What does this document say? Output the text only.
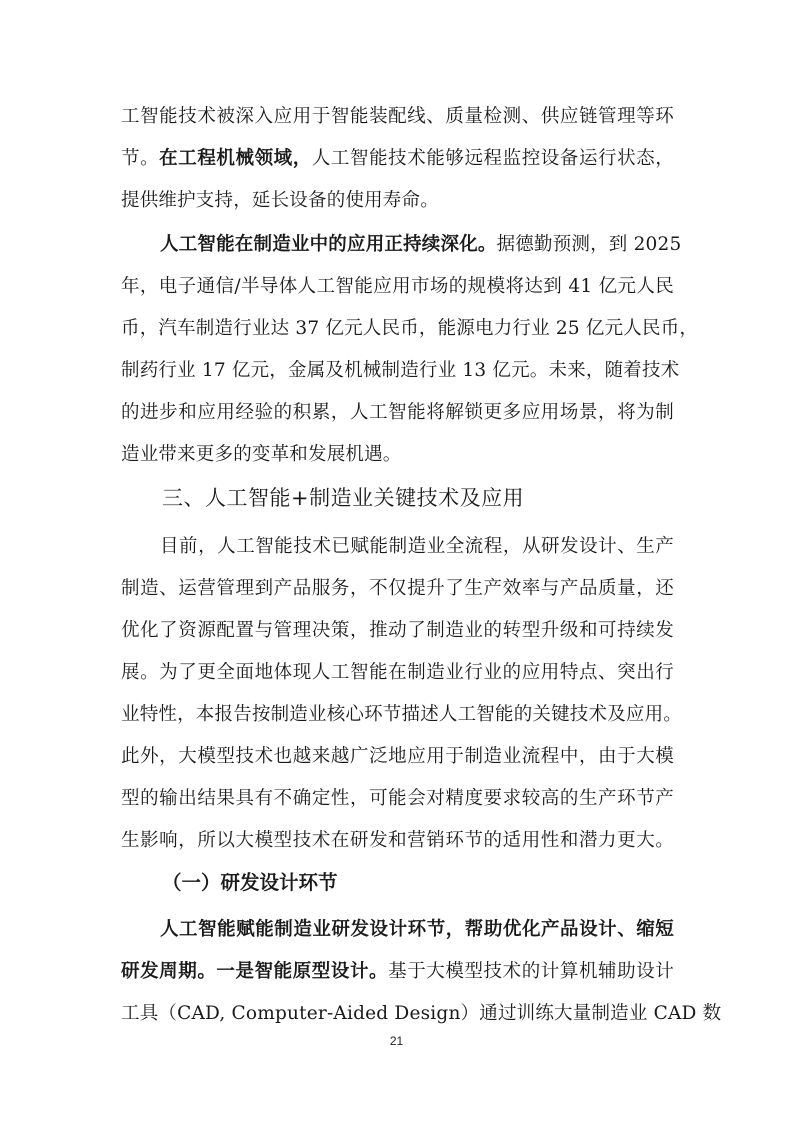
工智能技术被深入应用于智能装配线、质量检测、供应链管理等环

节。在工程机械领域，人工智能技术能够远程监控设备运行状态，

提供维护支持，延长设备的使用寿命。

人工智能在制造业中的应用正持续深化。据德勤预测，到 2025

年，电子通信/半导体人工智能应用市场的规模将达到 41 亿元人民

币，汽车制造行业达 37 亿元人民币，能源电力行业 25 亿元人民币，

制药行业 17 亿元，金属及机械制造行业 13 亿元。未来，随着技术

的进步和应用经验的积累，人工智能将解锁更多应用场景，将为制

造业带来更多的变革和发展机遇。

三、人工智能+制造业关键技术及应用

目前，人工智能技术已赋能制造业全流程，从研发设计、生产

制造、运营管理到产品服务，不仅提升了生产效率与产品质量，还

优化了资源配置与管理决策，推动了制造业的转型升级和可持续发

展。为了更全面地体现人工智能在制造业行业的应用特点、突出行

业特性，本报告按制造业核心环节描述人工智能的关键技术及应用。

此外，大模型技术也越来越广泛地应用于制造业流程中，由于大模

型的输出结果具有不确定性，可能会对精度要求较高的生产环节产

生影响，所以大模型技术在研发和营销环节的适用性和潜力更大。

（一）研发设计环节

人工智能赋能制造业研发设计环节，帮助优化产品设计、缩短

研发周期。一是智能原型设计。基于大模型技术的计算机辅助设计

工具（CAD, Computer-Aided Design）通过训练大量制造业 CAD 数

21
